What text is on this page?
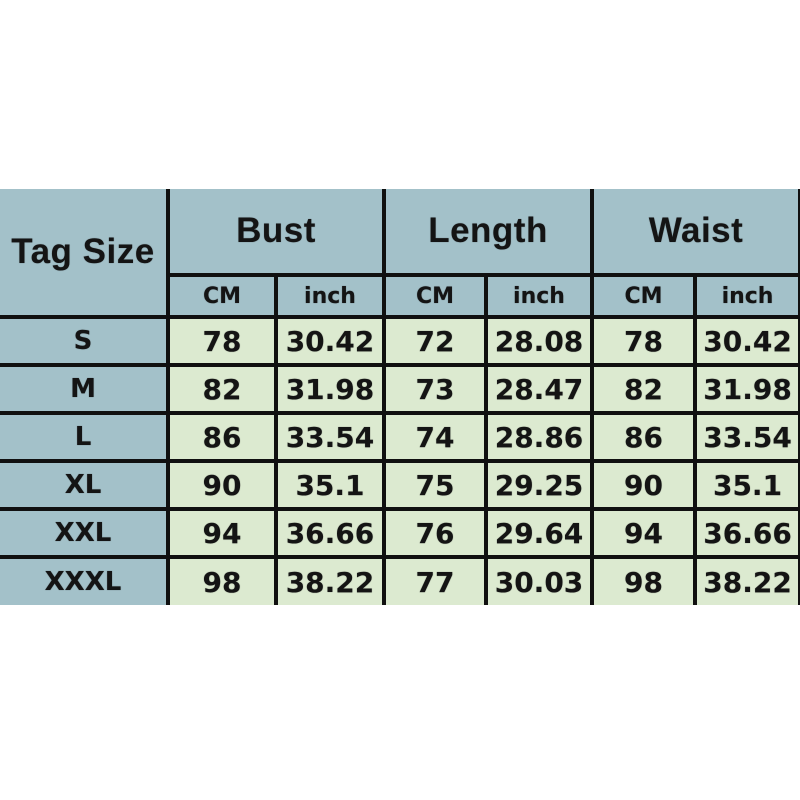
Tag Size	Bust		Length		Waist	
	CM	inch	CM	inch	CM	inch
S	78	30.42	72	28.08	78	30.42
M	82	31.98	73	28.47	82	31.98
L	86	33.54	74	28.86	86	33.54
XL	90	35.1	75	29.25	90	35.1
XXL	94	36.66	76	29.64	94	36.66
XXXL	98	38.22	77	30.03	98	38.22
